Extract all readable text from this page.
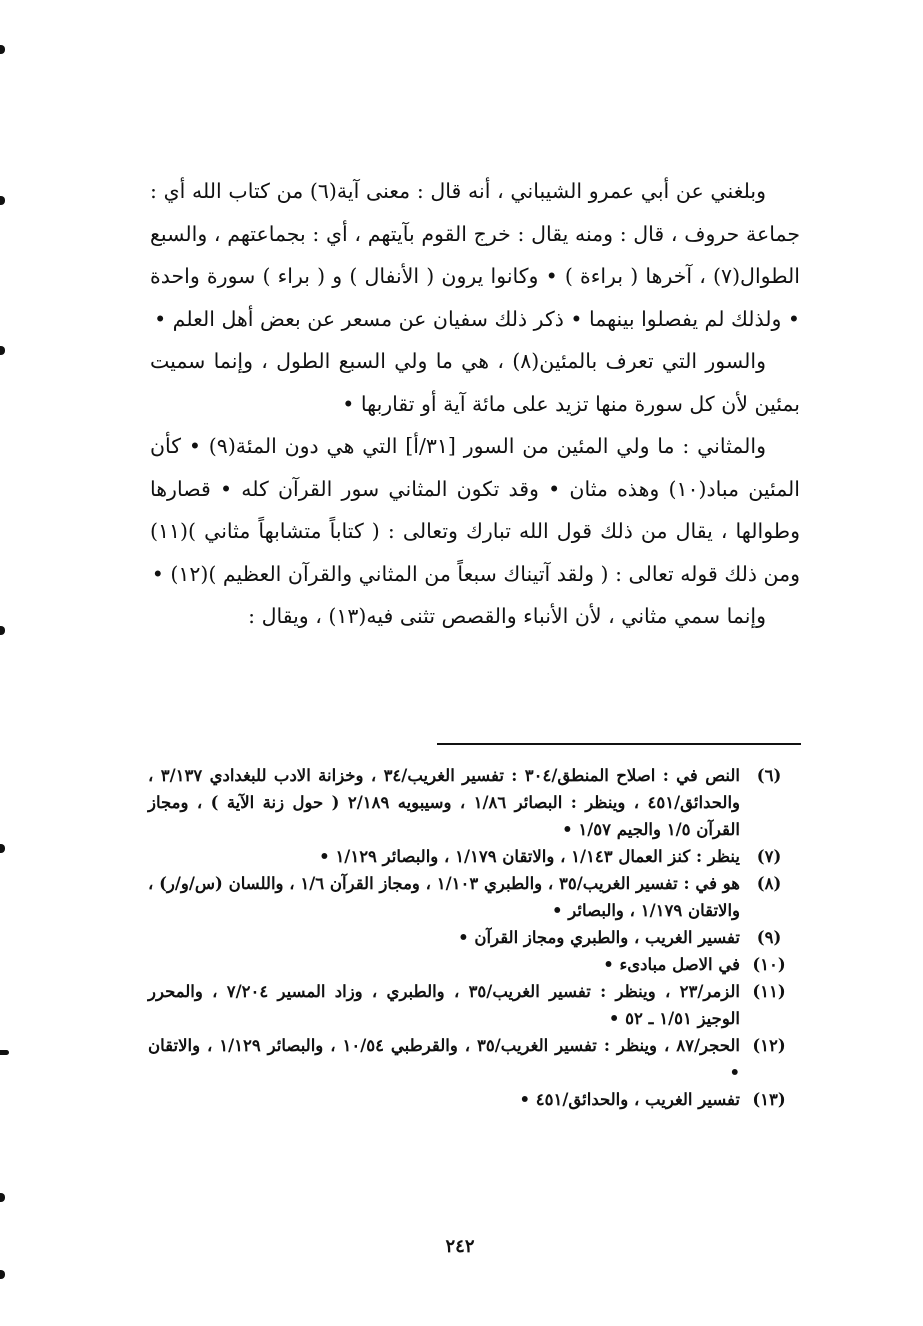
وبلغني عن أبي عمرو الشيباني ، أنه قال : معنى آية(٦) من كتاب الله أي : جماعة حروف ، قال : ومنه يقال : خرج القوم بآيتهم ، أي : بجماعتهم ، والسبع الطوال(٧) ، آخرها ( براءة ) • وكانوا يرون ( الأنفال ) و ( براء ) سورة واحدة • ولذلك لم يفصلوا بينهما • ذكر ذلك سفيان عن مسعر عن بعض أهل العلم •

والسور التي تعرف بالمئين(٨) ، هي ما ولي السبع الطول ، وإنما سميت بمئين لأن كل سورة منها تزيد على مائة آية أو تقاربها •

والمثاني : ما ولي المئين من السور [٣١/أ] التي هي دون المئة(٩) • كأن المئين مباد(١٠) وهذه مثان • وقد تكون المثاني سور القرآن كله • قصارها وطوالها ، يقال من ذلك قول الله تبارك وتعالى : ( كتاباً متشابهاً مثاني )(١١) ومن ذلك قوله تعالى : ( ولقد آتيناك سبعاً من المثاني والقرآن العظيم )(١٢) •

وإنما سمي مثاني ، لأن الأنباء والقصص تثنى فيه(١٣) ، ويقال :

(٦)
النص في : اصلاح المنطق/٣٠٤ : تفسير الغريب/٣٤ ، وخزانة الادب للبغدادي ٣/١٣٧ ، والحدائق/٤٥١ ، وينظر : البصائر ١/٨٦ ، وسيبويه ٢/١٨٩ ( حول زنة الآية ) ، ومجاز القرآن ١/٥ والجيم ١/٥٧ •
(٧)
ينظر : كنز العمال ١/١٤٣ ، والاتقان ١/١٧٩ ، والبصائر ١/١٢٩ •
(٨)
هو في : تفسير الغريب/٣٥ ، والطبري ١/١٠٣ ، ومجاز القرآن ١/٦ ، واللسان (س/و/ر) ، والاتقان ١/١٧٩ ، والبصائر •
(٩)
تفسير الغريب ، والطبري ومجاز القرآن •
(١٠)
في الاصل مبادىء •
(١١)
الزمر/٢٣ ، وينظر : تفسير الغريب/٣٥ ، والطبري ، وزاد المسير ٧/٢٠٤ ، والمحرر الوجيز ١/٥١ ـ ٥٢ •
(١٢)
الحجر/٨٧ ، وينظر : تفسير الغريب/٣٥ ، والقرطبي ١٠/٥٤ ، والبصائر ١/١٢٩ ، والاتقان •
(١٣)
تفسير الغريب ، والحدائق/٤٥١ •
٢٤٢
